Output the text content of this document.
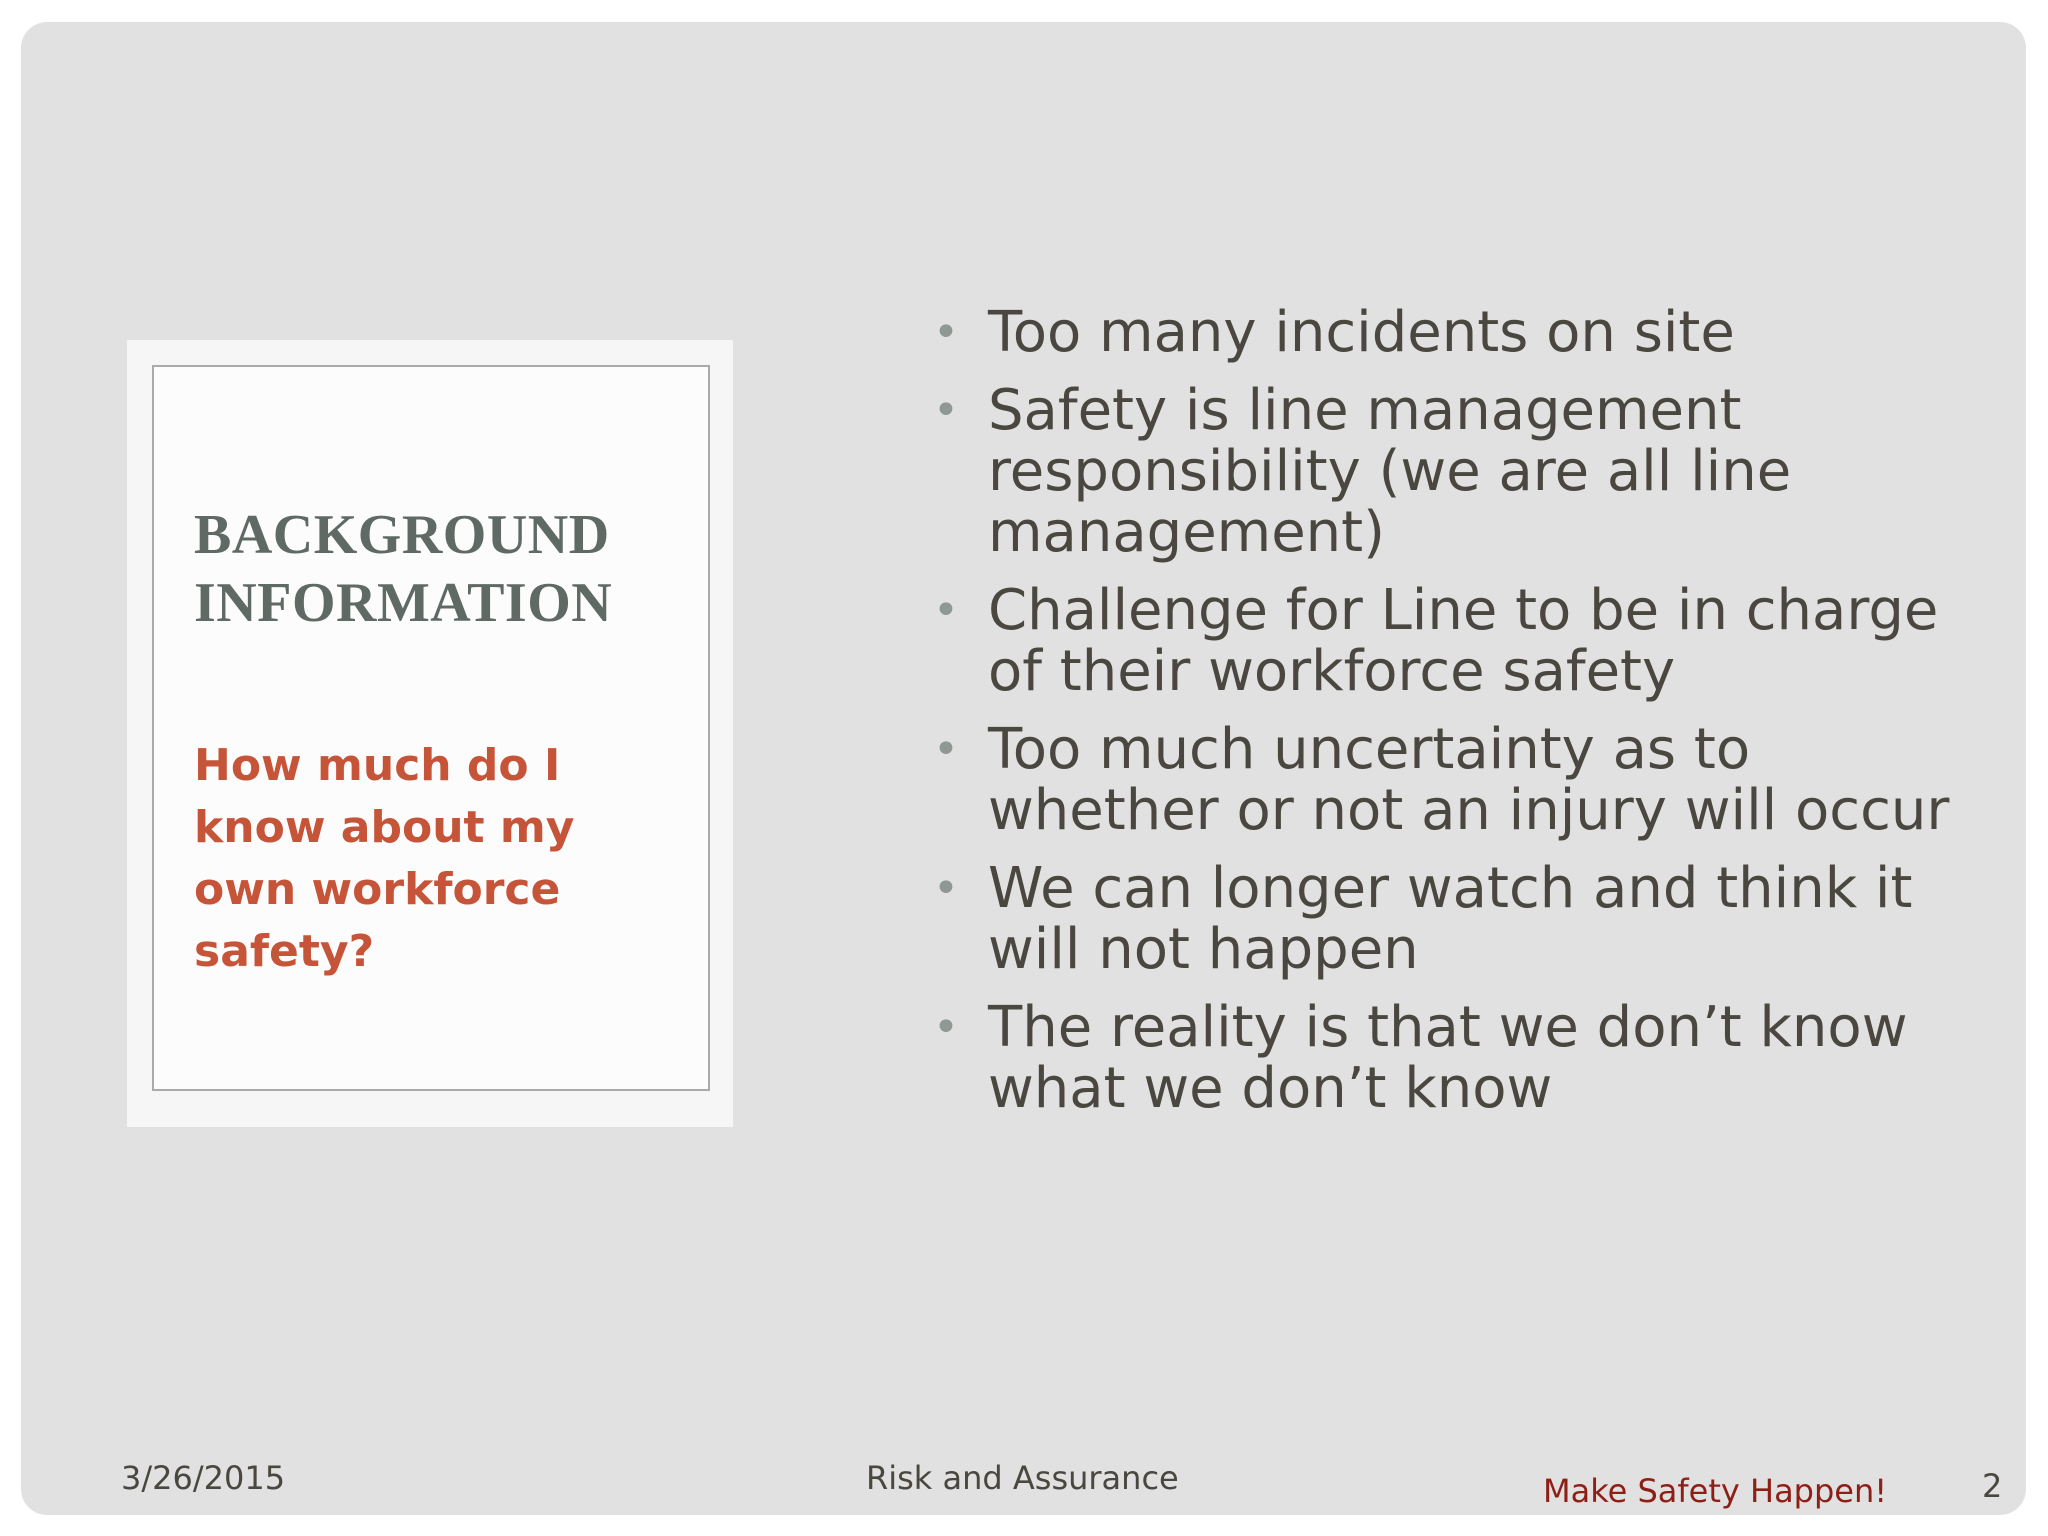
BACKGROUND
INFORMATION

How much do I know about my own workforce safety?

• Too many incidents on site
• Safety is line management responsibility (we are all line management)
• Challenge for Line to be in charge of their workforce safety
• Too much uncertainty as to whether or not an injury will occur
• We can longer watch and think it will not happen
• The reality is that we don’t know what we don’t know
3/26/2015	Risk and Assurance	Make Safety Happen!	2
